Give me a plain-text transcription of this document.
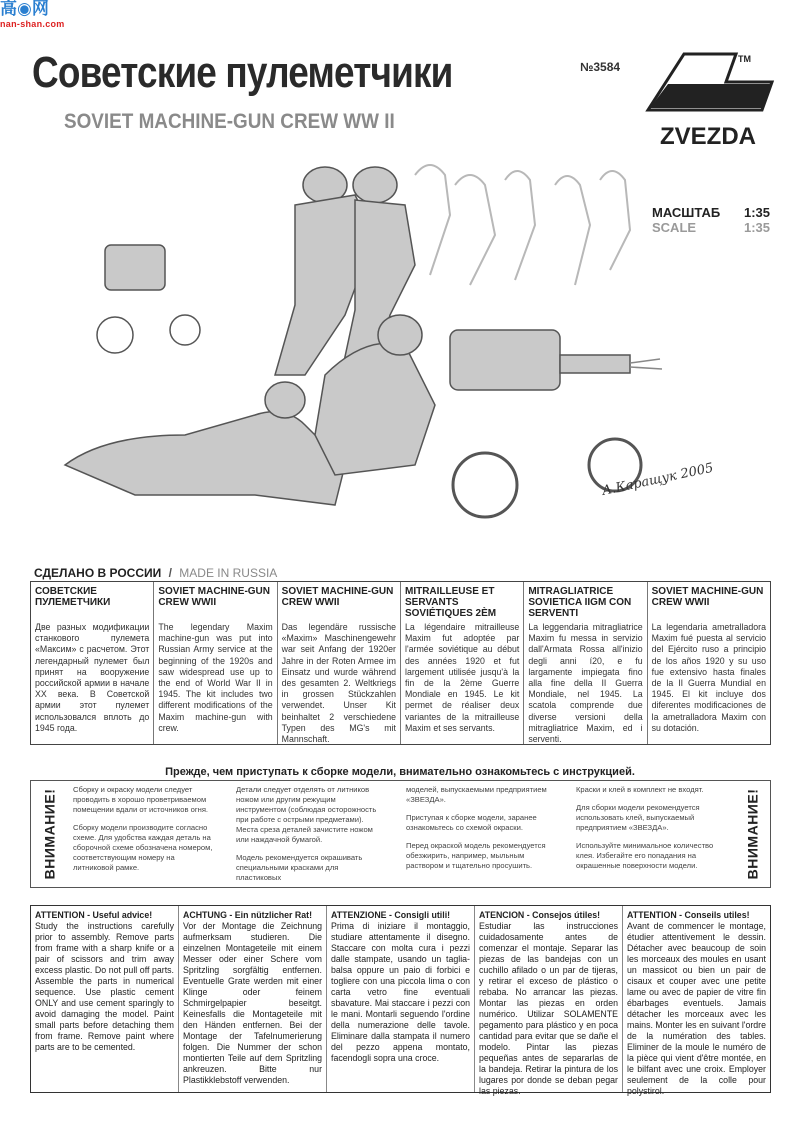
高◉网
nan-shan.com
Советские пулеметчики
SOVIET MACHINE-GUN CREW WW II
№3584
TM
ZVEZDA
МАСШТАБ 1:35
SCALE	1:35
А.Каращук 2005
СДЕЛАНО В РОССИИ / MADE IN RUSSIA
СОВЕТСКИЕ ПУЛЕМЕТЧИКИ
Две разных модификации станкового пулемета «Максим» с расчетом. Этот легендарный пулемет был принят на вооружение российской армии в начале XX века. В Советской армии этот пулемет использовался вплоть до 1945 года.
SOVIET MACHINE-GUN CREW WWII
The legendary Maxim machine-gun was put into Russian Army service at the beginning of the 1920s and saw widespread use up to the end of World War II in 1945. The kit includes two different modifications of the Maxim machine-gun with crew.
SOVIET MACHINE-GUN CREW WWII
Das legendäre russische «Maxim» Maschinengewehr war seit Anfang der 1920er Jahre in der Roten Armee im Einsatz und wurde während des gesamten 2. Weltkriegs in grossen Stückzahlen verwendet. Unser Kit beinhaltet 2 verschiedene Typen des MG's mit Mannschaft.
MITRAILLEUSE ET SERVANTS SOVIÉTIQUES 2ÈM
La légendaire mitrailleuse Maxim fut adoptée par l'armée soviétique au début des années 1920 et fut largement utilisée jusqu'à la fin de la 2ème Guerre Mondiale en 1945. Le kit permet de réaliser deux variantes de la mitrailleuse Maxim et ses servants.
MITRAGLIATRICE SOVIETICA IIGM CON SERVENTI
La leggendaria mitragliatrice Maxim fu messa in servizio dall'Armata Rossa all'inizio degli anni í20, e fu largamente impiegata fino alla fine della II Guerra Mondiale, nel 1945. La scatola comprende due diverse versioni della mitragliatrice Maxim, ed i serventi.
SOVIET MACHINE-GUN CREW WWII
La legendaria ametralladora Maxim fué puesta al servicio del Ejército ruso a principio de los años 1920 y su uso fue extensivo hasta finales de la II Guerra Mundial en 1945. El kit incluye dos diferentes modificaciones de la ametralladora Maxim con su dotación.
Прежде, чем приступать к сборке модели, внимательно ознакомьтесь с инструкцией.
ВНИМАНИЕ! Сборку и окраску модели следует проводить в хорошо проветриваемом помещении вдали от источников огня.

Сборку модели производите согласно схеме. Для удобства каждая деталь на сборочной схеме обозначена номером, соответствующим номеру на литниковой рамке.

Детали следует отделять от литников ножом или другим режущим инструментом (соблюдая осторожность при работе с острыми предметами). Места среза деталей зачистите ножом или наждачной бумагой.

Модель рекомендуется окрашивать специальными красками для пластиковых

моделей, выпускаемыми предприятием «ЗВЕЗДА».

Приступая к сборке модели, заранее ознакомьтесь со схемой окраски.

Перед окраской модель рекомендуется обезжирить, например, мыльным раствором и тщательно просушить.

Краски и клей в комплект не входят.

Для сборки модели рекомендуется использовать клей, выпускаемый предприятием «ЗВЕЗДА».

Используйте минимальное количество клея. Избегайте его попадания на окрашенные поверхности модели.	ВНИМАНИЕ!
ATTENTION - Useful advice!
Study the instructions carefully prior to assembly. Remove parts from frame with a sharp knife or a pair of scissors and trim away excess plastic. Do not pull off parts. Assemble the parts in numerical sequence. Use plastic cement ONLY and use cement sparingly to avoid damaging the model. Paint small parts before detaching them from frame. Remove paint where parts are to be cemented.
ACHTUNG - Ein nützlicher Rat!
Vor der Montage die Zeichnung aufmerksam studieren. Die einzelnen Montageteile mit einem Messer oder einer Schere vom Spritzling sorgfältig entfernen. Eventuelle Grate werden mit einer Klinge oder feinem Schmirgelpapier beseitgt. Keinesfalls die Montageteile mit den Händen entfernen. Bei der Montage der Tafelnumerierung folgen. Die Nummer der schon montierten Teile auf dem Spritzling ankreuzen. Bitte nur Plastikklebstoff verwenden.
ATTENZIONE - Consigli utili!
Prima di iniziare il montaggio, studiare attentamente il disegno. Staccare con molta cura i pezzi dalle stampate, usando un taglia-balsa oppure un paio di forbici e togliere con una piccola lima o con carta vetro fine eventuali sbavature. Mai staccare i pezzi con le mani. Montarli seguendo l'ordine della numerazione delle tavole. Eliminare dalla stampata il numero del pezzo appena montato, facendogli sopra una croce.
ATENCION - Consejos útiles!
Estudiar las instrucciones cuidadosamente antes de comenzar el montaje. Separar las piezas de las bandejas con un cuchillo afilado o un par de tijeras, y retirar el exceso de plástico o rebaba. No arrancar las piezas. Montar las piezas en orden numérico. Utilizar SOLAMENTE pegamento para plástico y en poca cantidad para evitar que se dañe el modelo. Pintar las piezas pequeñas antes de separarlas de la bandeja. Retirar la pintura de los lugares por donde se deban pegar las piezas.
ATTENTION - Conseils utiles!
Avant de commencer le montage, étudier attentivement le dessin. Détacher avec beaucoup de soin les morceaux des moules en usant un massicot ou bien un pair de cisaux et couper avec une petite lame ou avec de papier de vitre fin ébarbages eventuels. Jamais détacher les morceaux avec les mains. Monter les en suivant l'ordre de la numération des tables. Eliminer de la moule le numéro de la pièce qui vient d'être montée, en le bilfant avec une croix. Employer seulement de la colle pour polystirol.
